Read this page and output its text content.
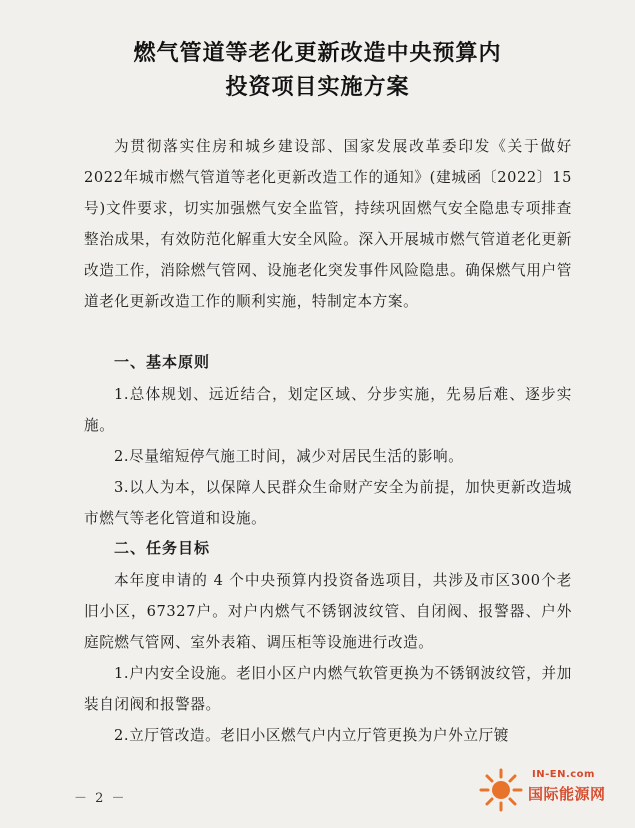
燃气管道等老化更新改造中央预算内
投资项目实施方案

为贯彻落实住房和城乡建设部、国家发展改革委印发《关于做好2022年城市燃气管道等老化更新改造工作的通知》(建城函〔2022〕15号)文件要求，切实加强燃气安全监管，持续巩固燃气安全隐患专项排查整治成果，有效防范化解重大安全风险。深入开展城市燃气管道老化更新改造工作，消除燃气管网、设施老化突发事件风险隐患。确保燃气用户管道老化更新改造工作的顺利实施，特制定本方案。

一、基本原则

1.总体规划、远近结合，划定区域、分步实施，先易后难、逐步实施。

2.尽量缩短停气施工时间，减少对居民生活的影响。

3.以人为本，以保障人民群众生命财产安全为前提，加快更新改造城市燃气等老化管道和设施。

二、任务目标

本年度申请的 4 个中央预算内投资备选项目，共涉及市区300个老旧小区，67327户。对户内燃气不锈钢波纹管、自闭阀、报警器、户外庭院燃气管网、室外表箱、调压柜等设施进行改造。

1.户内安全设施。老旧小区户内燃气软管更换为不锈钢波纹管，并加装自闭阀和报警器。

2.立厅管改造。老旧小区燃气户内立厅管更换为户外立厅镀

－ 2 －
IN-EN.com
国际能源网
